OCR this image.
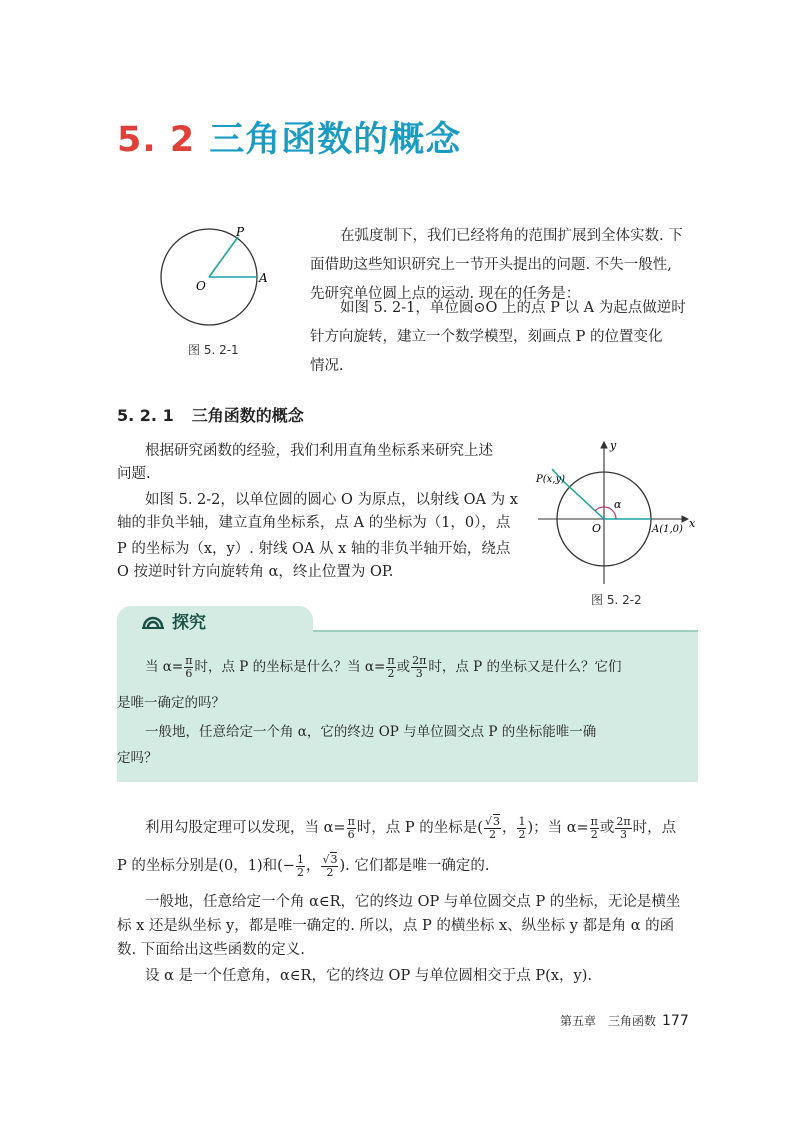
5. 2 三角函数的概念
P
O
A
图 5. 2-1
在弧度制下，我们已经将角的范围扩展到全体实数. 下
面借助这些知识研究上一节开头提出的问题. 不失一般性,
先研究单位圆上点的运动. 现在的任务是：
如图 5. 2-1，单位圆⊙O 上的点 P 以 A 为起点做逆时
针方向旋转，建立一个数学模型，刻画点 P 的位置变化
情况.
5. 2. 1 三角函数的概念
根据研究函数的经验，我们利用直角坐标系来研究上述
问题.
如图 5. 2-2，以单位圆的圆心 O 为原点，以射线 OA 为 x
轴的非负半轴，建立直角坐标系，点 A 的坐标为（1，0），点
P 的坐标为（x，y）. 射线 OA 从 x 轴的非负半轴开始，绕点
O 按逆时针方向旋转角 α，终止位置为 OP.
y
x
P(x,y)
O	A(1,0)
α
图 5. 2-2
探究
当 $\alpha= \frac{\pi}{6}$ 时，点 P 的坐标是什么？当 $\alpha= \frac{\pi}{2}$ 或 $\frac{2\pi}{3}$ 时，点 P 的坐标又是什么？它们
是唯一确定的吗？
一般地，任意给定一个角 α，它的终边 OP 与单位圆交点 P 的坐标能唯一确
定吗？
利用勾股定理可以发现，当 $\alpha= \frac{\pi}{6}$ 时，点 P 的坐标是( $\frac{√3}{2}$ ， $\frac{1}{2}$ )；当 $\alpha= \frac{\pi}{2}$ 或 $\frac{2\pi}{3}$ 时，点
P 的坐标分别是(0，1)和(− $\frac{1}{2}$ ， $\frac{√3}{2}$ ). 它们都是唯一确定的.
一般地，任意给定一个角 α∈R，它的终边 OP 与单位圆交点 P 的坐标，无论是横坐
标 x 还是纵坐标 y，都是唯一确定的. 所以，点 P 的横坐标 x、纵坐标 y 都是角 α 的函
数. 下面给出这些函数的定义.
设 α 是一个任意角，α∈R，它的终边 OP 与单位圆相交于点 P(x，y).
第五章　三角函数 177
